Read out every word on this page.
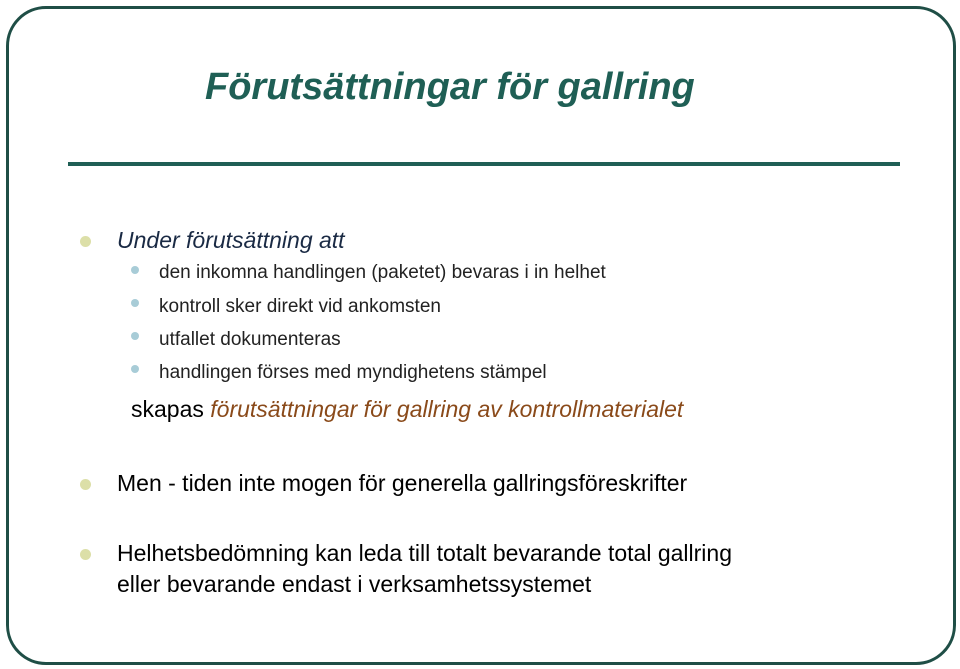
Förutsättningar för gallring
Under förutsättning att
den inkomna handlingen (paketet) bevaras i in helhet
kontroll sker direkt vid ankomsten
utfallet dokumenteras
handlingen förses med myndighetens stämpel
skapas förutsättningar för gallring av kontrollmaterialet
Men - tiden inte mogen för generella gallringsföreskrifter
Helhetsbedömning kan leda till totalt bevarande total gallring
eller bevarande endast i verksamhetssystemet
